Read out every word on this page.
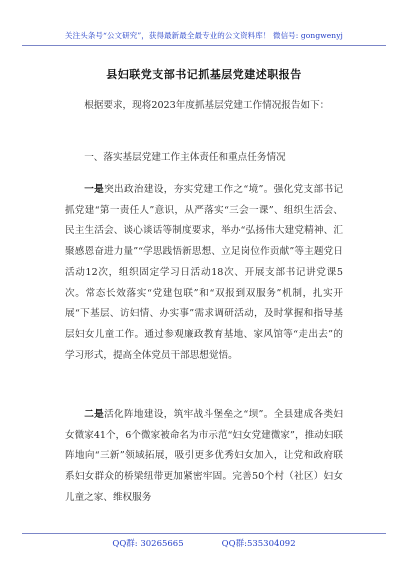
关注头条号“公文研究”，获得最新最全最专业的公文资料库！ 微信号: gongwenyj
县妇联党支部书记抓基层党建述职报告
根据要求，现将2023年度抓基层党建工作情况报告如下：
一、落实基层党建工作主体责任和重点任务情况
一是突出政治建设，夯实党建工作之“境”。强化党支部书记抓党建“第一责任人”意识，从严落实“三会一课”、组织生活会、民主生活会、谈心谈话等制度要求，举办“弘扬伟大建党精神、汇聚感恩奋进力量”“学思践悟新思想、立足岗位作贡献”等主题党日活动12次，组织固定学习日活动18次、开展支部书记讲党课5次。常态长效落实“党建包联”和“双报到双服务”机制，扎实开展“下基层、访妇情、办实事”需求调研活动，及时掌握和指导基层妇女儿童工作。通过参观廉政教育基地、家风馆等“走出去”的学习形式，提高全体党员干部思想觉悟。
二是活化阵地建设，筑牢战斗堡垒之“坝”。全县建成各类妇女微家41个，6个微家被命名为市示范“妇女党建微家”，推动妇联阵地向“三新”领域拓展，吸引更多优秀妇女加入，让党和政府联系妇女群众的桥梁纽带更加紧密牢固。完善50个村（社区）妇女儿童之家、维权服务
QQ群: 30265665	QQ群:535304092
